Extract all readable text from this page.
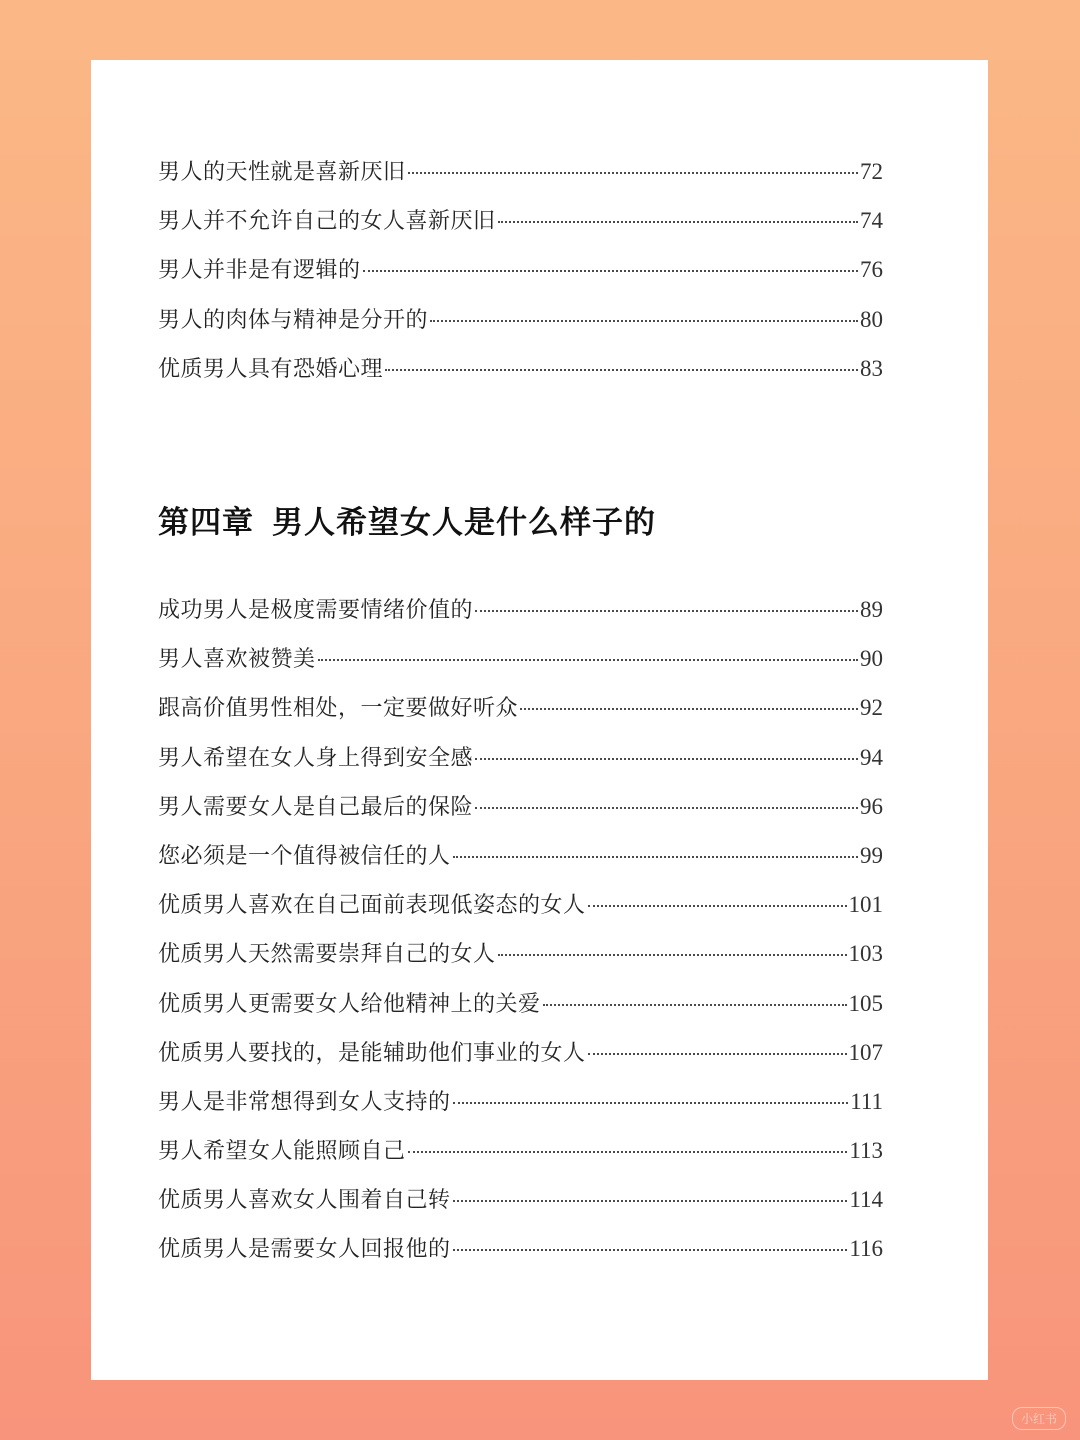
男人的天性就是喜新厌旧	72
男人并不允许自己的女人喜新厌旧	74
男人并非是有逻辑的	76
男人的肉体与精神是分开的	80
优质男人具有恐婚心理	83
第四章 男人希望女人是什么样子的
成功男人是极度需要情绪价值的	89
男人喜欢被赞美	90
跟高价值男性相处，一定要做好听众	92
男人希望在女人身上得到安全感	94
男人需要女人是自己最后的保险	96
您必须是一个值得被信任的人	99
优质男人喜欢在自己面前表现低姿态的女人	101
优质男人天然需要崇拜自己的女人	103
优质男人更需要女人给他精神上的关爱	105
优质男人要找的，是能辅助他们事业的女人	107
男人是非常想得到女人支持的	111
男人希望女人能照顾自己	113
优质男人喜欢女人围着自己转	114
优质男人是需要女人回报他的	116
小红书
